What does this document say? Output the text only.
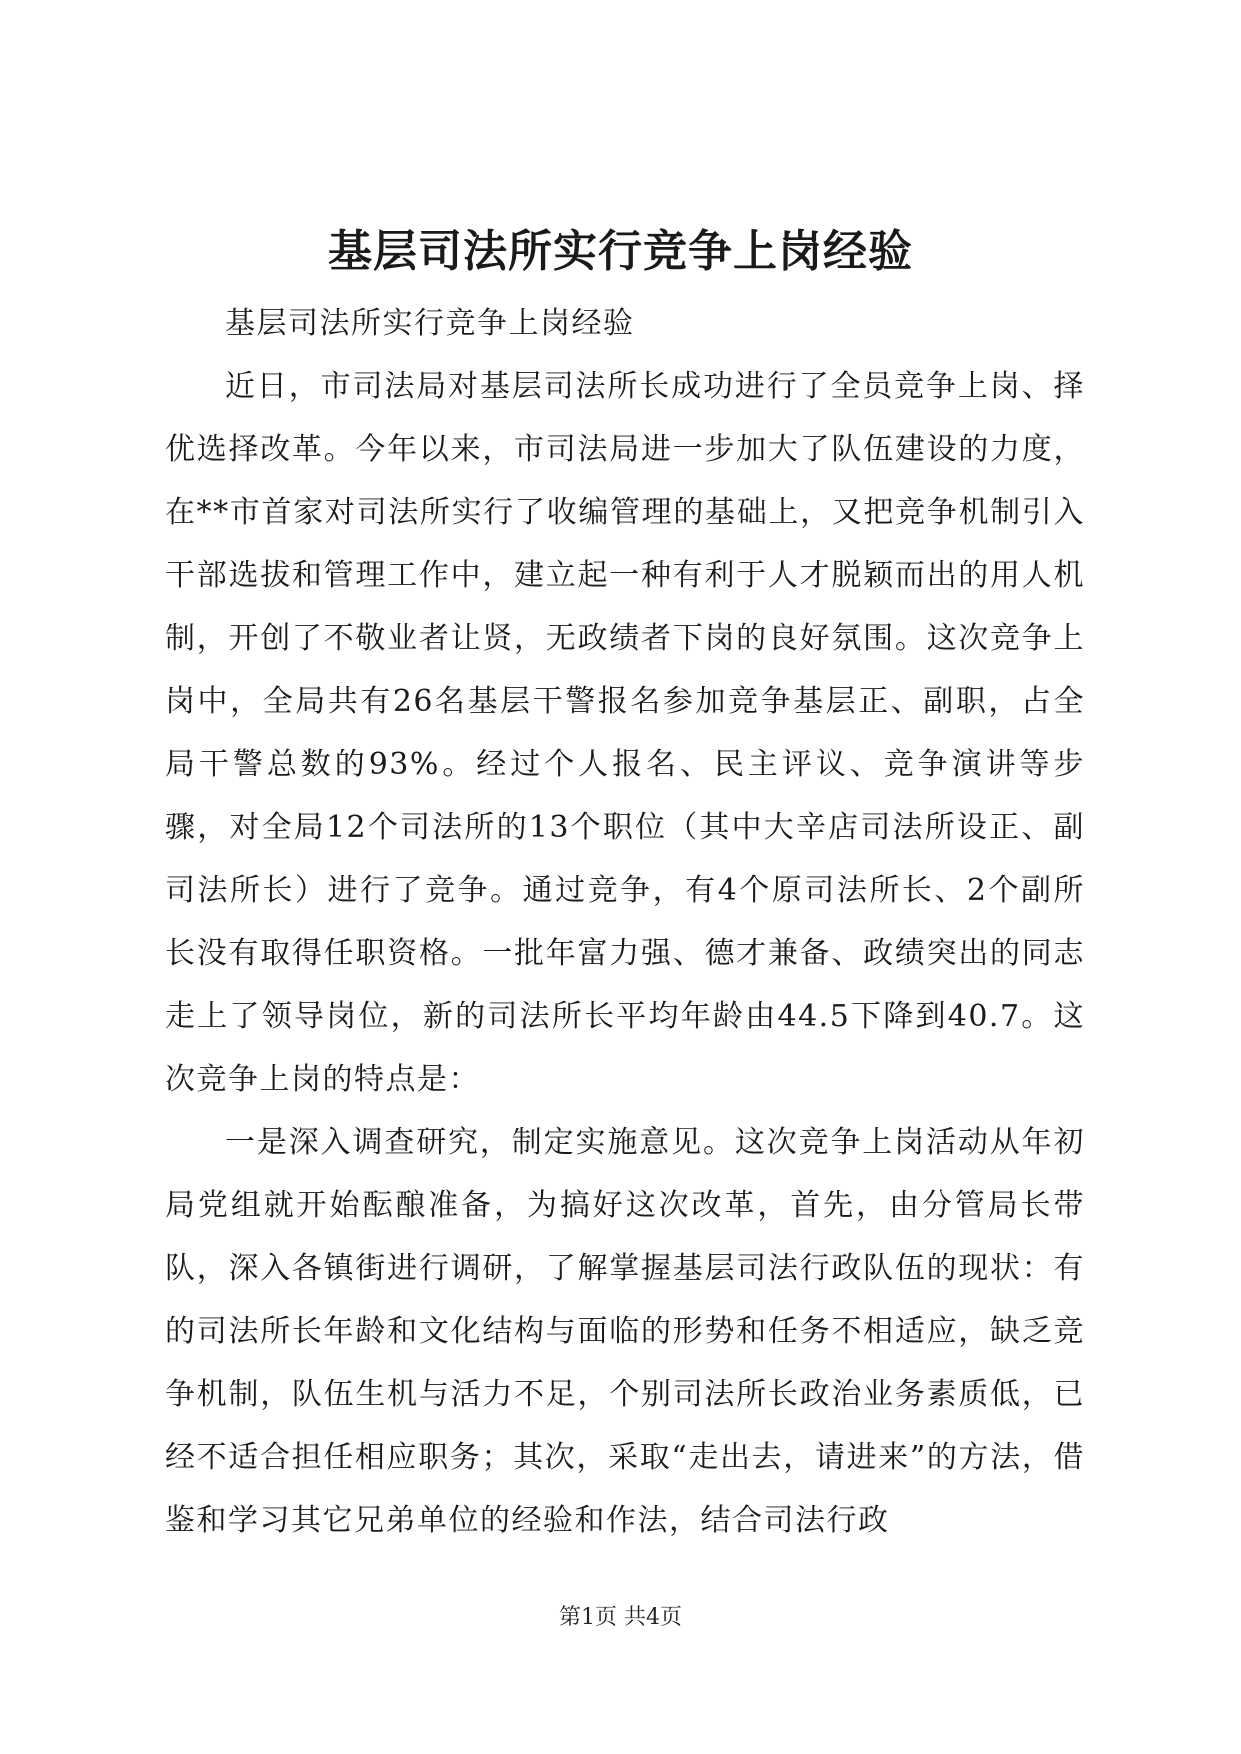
基层司法所实行竞争上岗经验

基层司法所实行竞争上岗经验

近日，市司法局对基层司法所长成功进行了全员竞争上岗、择优选择改革。今年以来，市司法局进一步加大了队伍建设的力度，在**市首家对司法所实行了收编管理的基础上，又把竞争机制引入干部选拔和管理工作中，建立起一种有利于人才脱颖而出的用人机制，开创了不敬业者让贤，无政绩者下岗的良好氛围。这次竞争上岗中，全局共有26名基层干警报名参加竞争基层正、副职，占全局干警总数的93%。经过个人报名、民主评议、竞争演讲等步骤，对全局12个司法所的13个职位（其中大辛店司法所设正、副司法所长）进行了竞争。通过竞争，有4个原司法所长、2个副所长没有取得任职资格。一批年富力强、德才兼备、政绩突出的同志走上了领导岗位，新的司法所长平均年龄由44.5下降到40.7。这次竞争上岗的特点是：

一是深入调查研究，制定实施意见。这次竞争上岗活动从年初局党组就开始酝酿准备，为搞好这次改革，首先，由分管局长带队，深入各镇街进行调研，了解掌握基层司法行政队伍的现状：有的司法所长年龄和文化结构与面临的形势和任务不相适应，缺乏竞争机制，队伍生机与活力不足，个别司法所长政治业务素质低，已经不适合担任相应职务；其次，采取“走出去，请进来”的方法，借鉴和学习其它兄弟单位的经验和作法，结合司法行政

第1页 共4页
